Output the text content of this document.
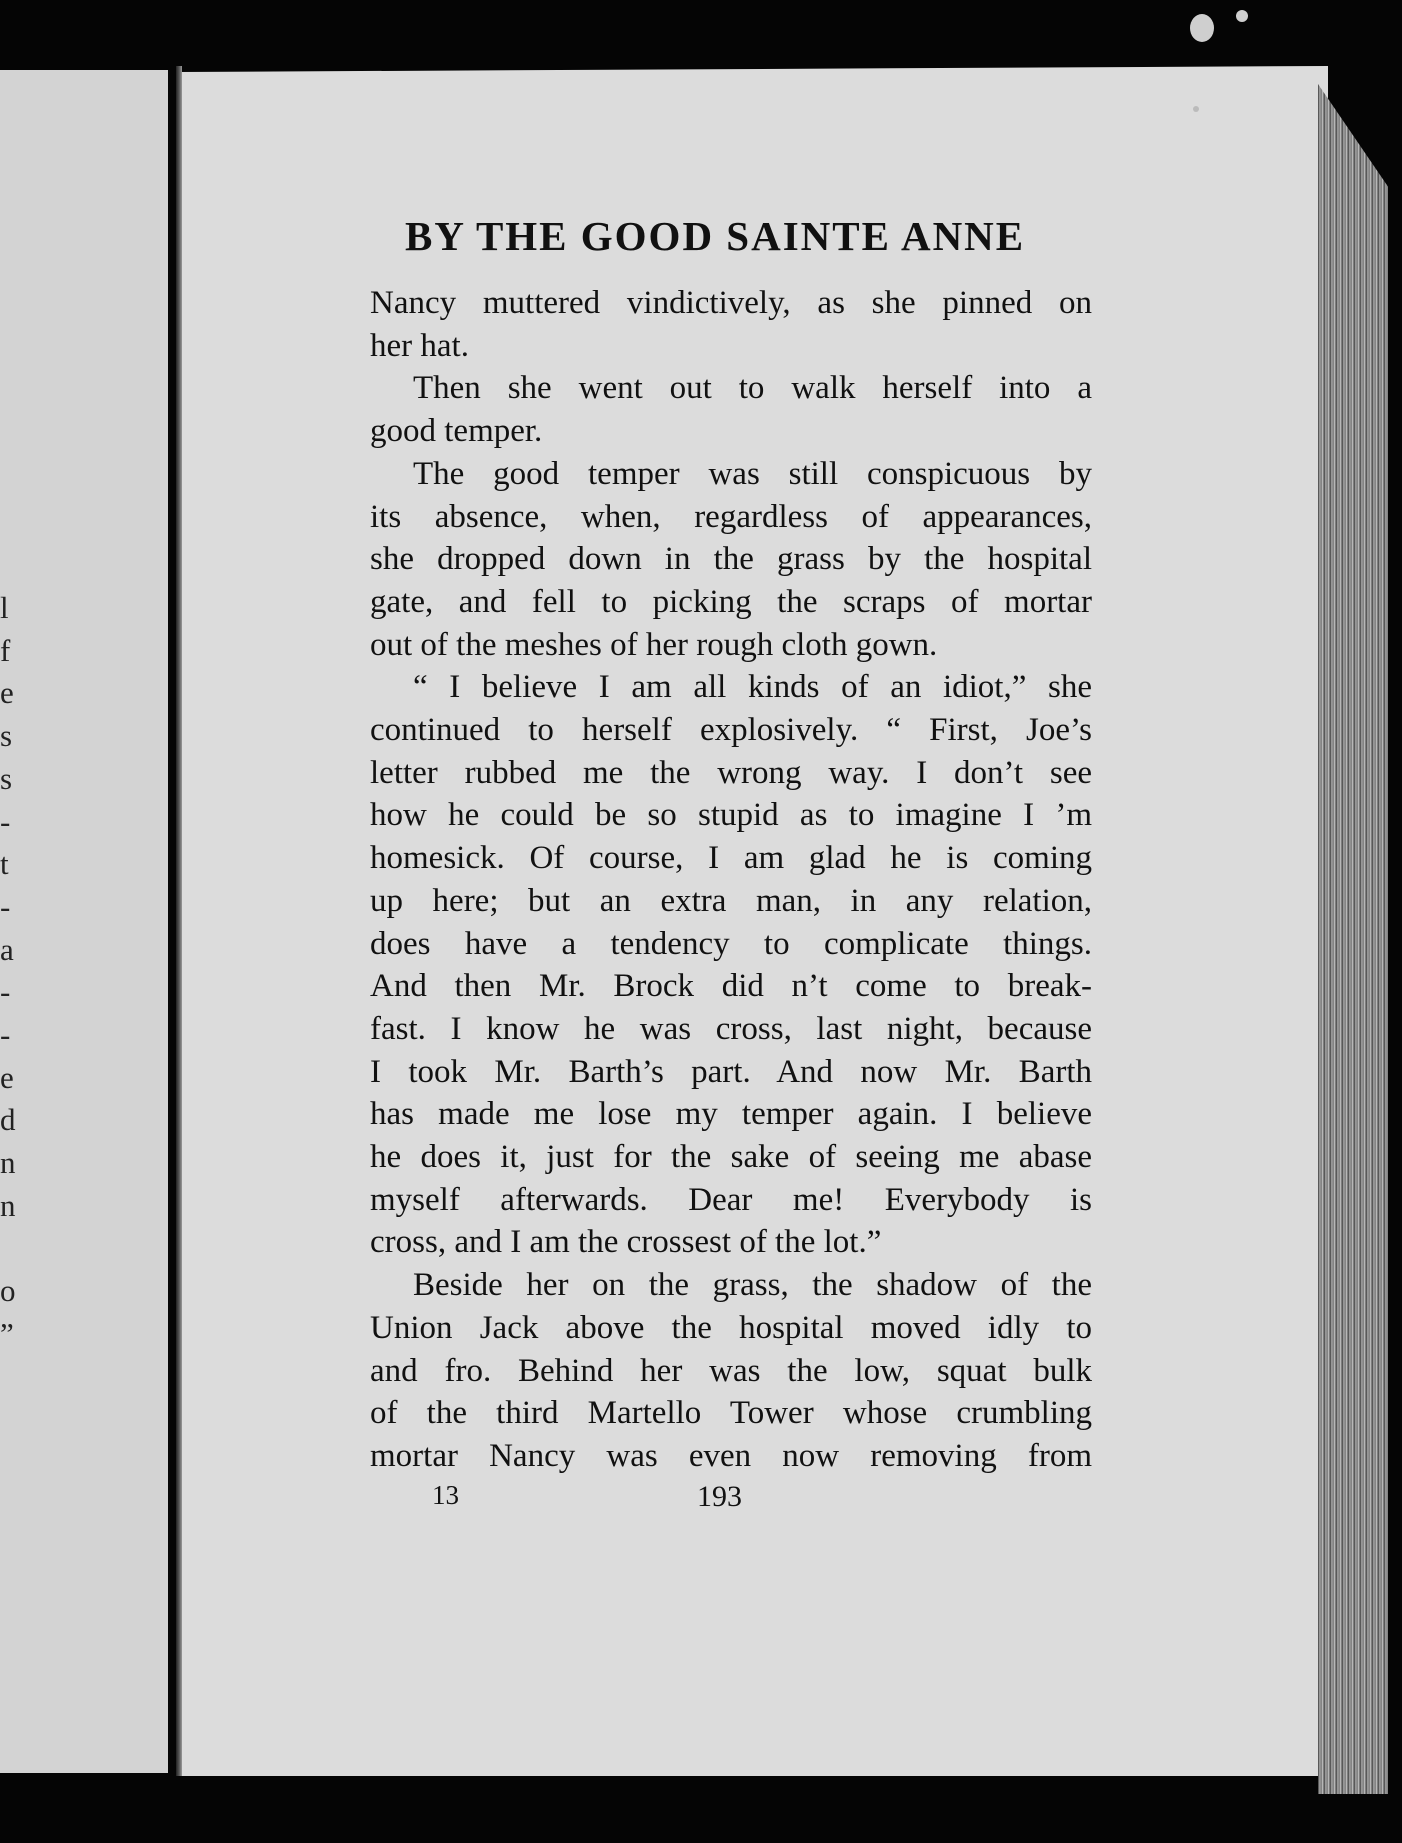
l
f
e
s
s
-
t
-
a
-
-
e
d
n
n
o
”
BY THE GOOD SAINTE ANNE
Nancy muttered vindictively, as she pinned on
her hat.
Then she went out to walk herself into a
good temper.
The good temper was still conspicuous by
its absence, when, regardless of appearances,
she dropped down in the grass by the hospital
gate, and fell to picking the scraps of mortar
out of the meshes of her rough cloth gown.
“ I believe I am all kinds of an idiot,” she
continued to herself explosively. “ First, Joe’s
letter rubbed me the wrong way. I don’t see
how he could be so stupid as to imagine I ’m
homesick. Of course, I am glad he is coming
up here; but an extra man, in any relation,
does have a tendency to complicate things.
And then Mr. Brock did n’t come to break-
fast. I know he was cross, last night, because
I took Mr. Barth’s part. And now Mr. Barth
has made me lose my temper again. I believe
he does it, just for the sake of seeing me abase
myself afterwards. Dear me! Everybody is
cross, and I am the crossest of the lot.”
Beside her on the grass, the shadow of the
Union Jack above the hospital moved idly to
and fro. Behind her was the low, squat bulk
of the third Martello Tower whose crumbling
mortar Nancy was even now removing from
13	193
